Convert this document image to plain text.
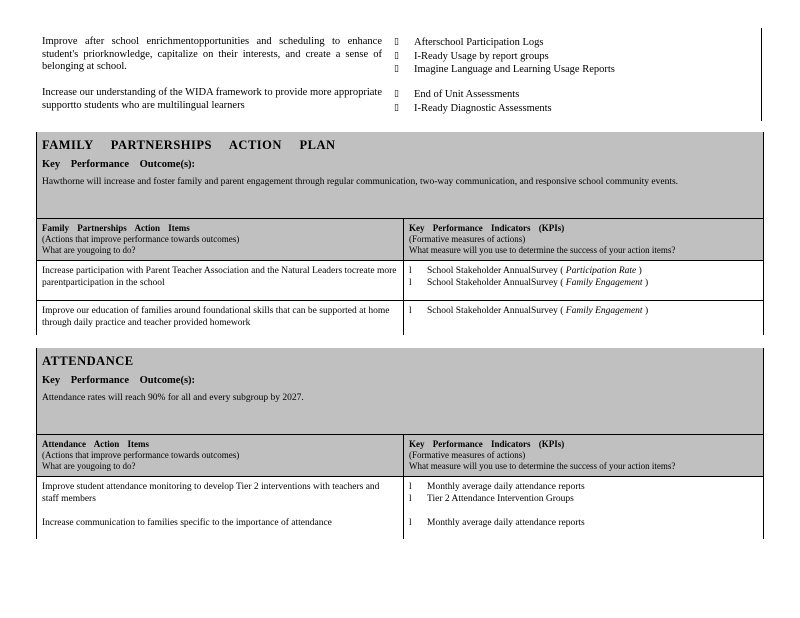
Improve after school enrichmentopportunities and scheduling to enhance student's priorknowledge, capitalize on their interests, and create a sense of belonging at school.
▯	Afterschool Participation Logs
▯	I-Ready Usage by report groups
▯	Imagine Language and Learning Usage Reports
Increase our understanding of the WIDA framework to provide more appropriate supportto students who are multilingual learners
▯	End of Unit Assessments
▯	I-Ready Diagnostic Assessments
FAMILY PARTNERSHIPS ACTION PLAN
Key Performance Outcome(s):
Hawthorne will increase and foster family and parent engagement through regular communication, two-way communication, and responsive school community events.
Family Partnerships Action Items
(Actions that improve performance towards outcomes)
What are yougoing to do?
Key Performance Indicators (KPIs)
(Formative measures of actions)
What measure will you use to determine the success of your action items?
Increase participation with Parent Teacher Association and the Natural Leaders tocreate more parentparticipation in the school
l	School Stakeholder AnnualSurvey (
Participation Rate
)
l	School Stakeholder AnnualSurvey (
Family Engagement
)
Improve our education of families around foundational skills that can be supported at home through daily practice and teacher provided homework
l	School Stakeholder AnnualSurvey (
Family Engagement
)
ATTENDANCE
Key Performance Outcome(s):
Attendance rates will reach 90% for all and every subgroup by 2027.
Attendance Action Items
(Actions that improve performance towards outcomes)
What are yougoing to do?
Key Performance Indicators (KPIs)
(Formative measures of actions)
What measure will you use to determine the success of your action items?
Improve student attendance monitoring to develop Tier 2 interventions with teachers and staff members
l	Monthly average daily attendance reports
l	Tier 2 Attendance Intervention Groups
Increase communication to families specific to the importance of attendance	l	Monthly average daily attendance reports
